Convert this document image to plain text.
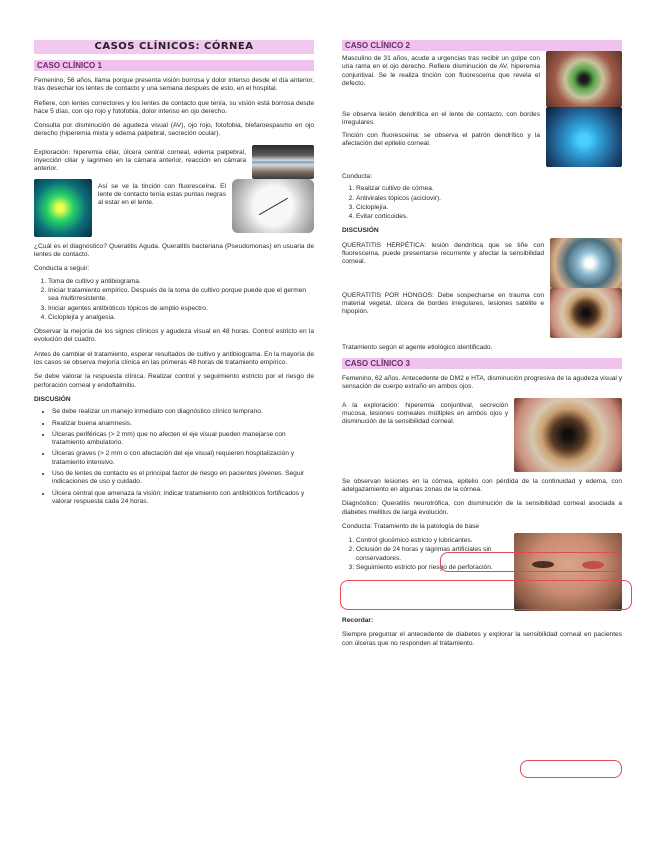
CASOS CLÍNICOS: CÓRNEA
CASO CLÍNICO 1

Femenino, 56 años, llama porque presenta visión borrosa y dolor intenso desde el día anterior, tras desechar los lentes de contacto y una semana después de esto, en el hospital.

Refiere, con lentes correctores y los lentes de contacto que tenía, su visión está borrosa desde hace 5 días, con ojo rojo y fotofobia, dolor intenso en ojo derecho.

Consulta por disminución de agudeza visual (AV), ojo rojo, fotofobia, blefaroespasmo en ojo derecho (hiperemia mixta y edema palpebral, secreción ocular).

Exploración: hiperemia ciliar, úlcera central corneal, edema palpebral, inyección ciliar y lagrimeo en la cámara anterior, reacción en cámara anterior.

Así se ve la tinción con fluoresceína. El lente de contacto tenía estas puntas negras al estar en el lente.

¿Cuál es el diagnóstico? Queratitis Aguda. Queratitis bacteriana (Pseudomonas) en usuaria de lentes de contacto.

Conducta a seguir:

1. Toma de cultivo y antibiograma.
2. Iniciar tratamiento empírico. Después de la toma de cultivo porque puede que el germen sea multirresistente.
3. Iniciar agentes antibióticos tópicos de amplio espectro.
4. Cicloplejía y analgesia.

Observar la mejoría de los signos clínicos y agudeza visual en 48 horas. Control estricto en la evolución del cuadro.

Antes de cambiar el tratamiento, esperar resultados de cultivo y antibiograma. En la mayoría de los casos se observa mejoría clínica en las primeras 48 horas de tratamiento empírico.

Se debe valorar la respuesta clínica. Realizar control y seguimiento estricto por el riesgo de perforación corneal y endoftalmitis.

DISCUSIÓN

• Se debe realizar un manejo inmediato con diagnóstico clínico temprano.
• Realizar buena anamnesis.
• Úlceras periféricas (> 2 mm) que no afecten el eje visual pueden manejarse con tratamiento ambulatorio.
• Úlceras graves (> 2 mm o con afectación del eje visual) requieren hospitalización y tratamiento intensivo.
• Uso de lentes de contacto es el principal factor de riesgo en pacientes jóvenes. Seguir indicaciones de uso y cuidado.
• Úlcera central que amenaza la visión: indicar tratamiento con antibióticos fortificados y valorar respuesta cada 24 horas.
CASO CLÍNICO 2

Masculino de 31 años, acude a urgencias tras recibir un golpe con una rama en el ojo derecho. Refiere disminución de AV, hiperemia conjuntival. Se le realiza tinción con fluoresceína que revela el defecto.

Se observa lesión dendrítica en el lente de contacto, con bordes irregulares.

Tinción con fluoresceína: se observa el patrón dendrítico y la afectación del epitelio corneal.

Conducta:

1. Realizar cultivo de córnea.
2. Antivirales tópicos (aciclovir).
3. Cicloplejía.
4. Evitar corticoides.

DISCUSIÓN

QUERATITIS HERPÉTICA: lesión dendrítica que se tiñe con fluoresceína, puede presentarse recurrente y afectar la sensibilidad corneal.

QUERATITIS POR HONGOS: Debe sospecharse en trauma con material vegetal, úlcera de bordes irregulares, lesiones satélite e hipopión.

Tratamiento según el agente etiológico identificado.

CASO CLÍNICO 3

Femenino, 62 años. Antecedente de DM2 e HTA, disminución progresiva de la agudeza visual y sensación de cuerpo extraño en ambos ojos.

A la exploración: hiperemia conjuntival, secreción mucosa, lesiones corneales múltiples en ambos ojos y disminución de la sensibilidad corneal.

Se observan lesiones en la córnea, epitelio con pérdida de la continuidad y edema, con adelgazamiento en algunas zonas de la córnea.

Diagnóstico: Queratitis neurotrófica, con disminución de la sensibilidad corneal asociada a diabetes mellitus de larga evolución.

Conducta: Tratamiento de la patología de base

1. Control glucémico estricto y lubricantes.
2. Oclusión de 24 horas y lágrimas artificiales sin conservadores.
3. Seguimiento estricto por riesgo de perforación.

Recordar:

Siempre preguntar el antecedente de diabetes y explorar la sensibilidad corneal en pacientes con úlceras que no responden al tratamiento.
